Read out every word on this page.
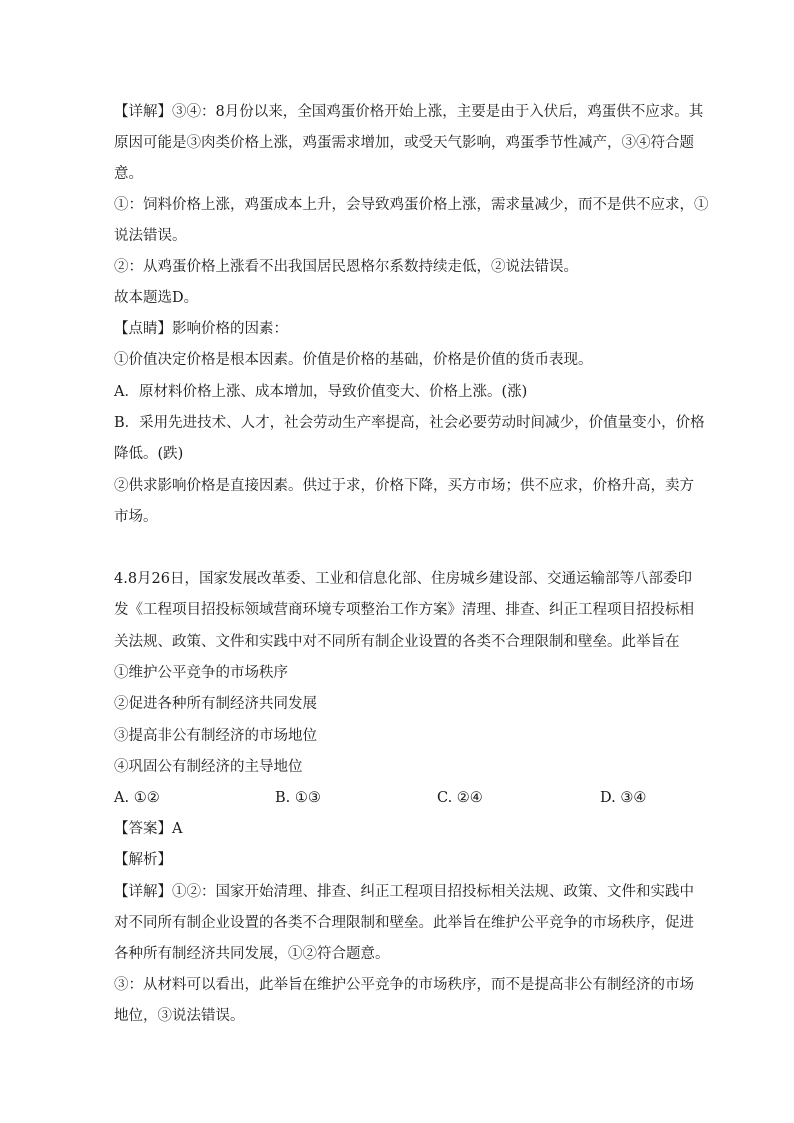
【详解】③④：8月份以来，全国鸡蛋价格开始上涨，主要是由于入伏后，鸡蛋供不应求。其
原因可能是③肉类价格上涨，鸡蛋需求增加，或受天气影响，鸡蛋季节性减产，③④符合题
意。
①：饲料价格上涨，鸡蛋成本上升，会导致鸡蛋价格上涨，需求量减少，而不是供不应求，①
说法错误。
②：从鸡蛋价格上涨看不出我国居民恩格尔系数持续走低，②说法错误。
故本题选D。
【点睛】影响价格的因素：
①价值决定价格是根本因素。价值是价格的基础，价格是价值的货币表现。
A．原材料价格上涨、成本增加，导致价值变大、价格上涨。(涨)
B．采用先进技术、人才，社会劳动生产率提高，社会必要劳动时间减少，价值量变小，价格
降低。(跌)
②供求影响价格是直接因素。供过于求，价格下降，买方市场；供不应求，价格升高，卖方
市场。
4.8月26日，国家发展改革委、工业和信息化部、住房城乡建设部、交通运输部等八部委印
发《工程项目招投标领域营商环境专项整治工作方案》清理、排查、纠正工程项目招投标相
关法规、政策、文件和实践中对不同所有制企业设置的各类不合理限制和壁垒。此举旨在
①维护公平竞争的市场秩序
②促进各种所有制经济共同发展
③提高非公有制经济的市场地位
④巩固公有制经济的主导地位
A. ①②	B. ①③	C. ②④	D. ③④
【答案】A
【解析】
【详解】①②：国家开始清理、排查、纠正工程项目招投标相关法规、政策、文件和实践中
对不同所有制企业设置的各类不合理限制和壁垒。此举旨在维护公平竞争的市场秩序，促进
各种所有制经济共同发展，①②符合题意。
③：从材料可以看出，此举旨在维护公平竞争的市场秩序，而不是提高非公有制经济的市场
地位，③说法错误。
